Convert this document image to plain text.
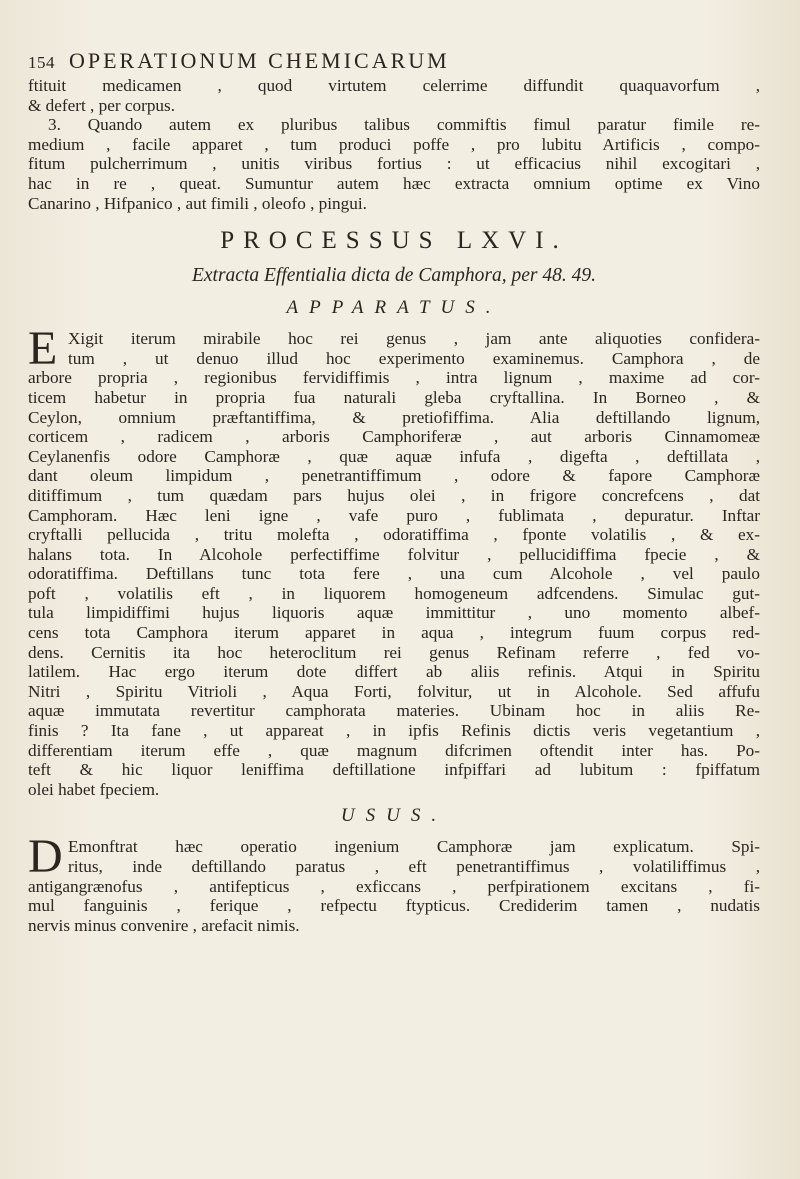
154 OPERATIONUM CHEMICARUM
ftituit medicamen , quod virtutem celerrime diffundit quaquavorfum ,
& defert , per corpus.
3. Quando autem ex pluribus talibus commiftis fimul paratur fimile re-
medium , facile apparet , tum produci poffe , pro lubitu Artificis , compo-
fitum pulcherrimum , unitis viribus fortius : ut efficacius nihil excogitari ,
hac in re , queat. Sumuntur autem hæc extracta omnium optime ex Vino
Canarino , Hifpanico , aut fimili , oleofo , pingui.
PROCESSUS LXVI.
Extracta Effentialia dicta de Camphora, per 48. 49.
APPARATUS.
E Xigit iterum mirabile hoc rei genus , jam ante aliquoties confidera-
tum , ut denuo illud hoc experimento examinemus. Camphora , de
arbore propria , regionibus fervidiffimis , intra lignum , maxime ad cor-
ticem habetur in propria fua naturali gleba cryftallina. In Borneo , &
Ceylon, omnium præftantiffima, & pretiofiffima. Alia deftillando lignum,
corticem , radicem , arboris Camphoriferæ , aut arboris Cinnamomeæ
Ceylanenfis odore Camphoræ , quæ aquæ infufa , digefta , deftillata ,
dant oleum limpidum , penetrantiffimum , odore & fapore Camphoræ
ditiffimum , tum quædam pars hujus olei , in frigore concrefcens , dat
Camphoram. Hæc leni igne , vafe puro , fublimata , depuratur. Inftar
cryftalli pellucida , tritu molefta , odoratiffima , fponte volatilis , & ex-
halans tota. In Alcohole perfectiffime folvitur , pellucidiffima fpecie , &
odoratiffima. Deftillans tunc tota fere , una cum Alcohole , vel paulo
poft , volatilis eft , in liquorem homogeneum adfcendens. Simulac gut-
tula limpidiffimi hujus liquoris aquæ immittitur , uno momento albef-
cens tota Camphora iterum apparet in aqua , integrum fuum corpus red-
dens. Cernitis ita hoc heteroclitum rei genus Refinam referre , fed vo-
latilem. Hac ergo iterum dote differt ab aliis refinis. Atqui in Spiritu
Nitri , Spiritu Vitrioli , Aqua Forti, folvitur, ut in Alcohole. Sed affufu
aquæ immutata revertitur camphorata materies. Ubinam hoc in aliis Re-
finis ? Ita fane , ut appareat , in ipfis Refinis dictis veris vegetantium ,
differentiam iterum effe , quæ magnum difcrimen oftendit inter has. Po-
teft & hic liquor leniffima deftillatione infpiffari ad lubitum : fpiffatum
olei habet fpeciem.
USUS.
D Emonftrat hæc operatio ingenium Camphoræ jam explicatum. Spi-
ritus, inde deftillando paratus , eft penetrantiffimus , volatiliffimus ,
antigangrænofus , antifepticus , exficcans , perfpirationem excitans , fi-
mul fanguinis , ferique , refpectu ftypticus. Crediderim tamen , nudatis
nervis minus convenire , arefacit nimis.
